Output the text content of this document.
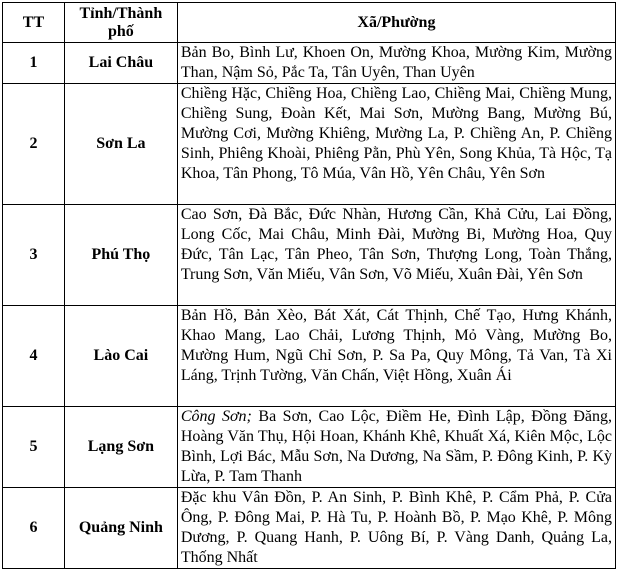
TT	Tỉnh/Thành phố	Xã/Phường
1	Lai Châu	Bản Bo, Bình Lư, Khoen On, Mường Khoa, Mường Kim, Mường Than, Nậm Sỏ, Pắc Ta, Tân Uyên, Than Uyên
2	Sơn La	Chiềng Hặc, Chiềng Hoa, Chiềng Lao, Chiềng Mai, Chiềng Mung, Chiềng Sung, Đoàn Kết, Mai Sơn, Mường Bang, Mường Bú, Mường Cơi, Mường Khiêng, Mường La, P. Chiềng An, P. Chiềng Sinh, Phiêng Khoài, Phiêng Pằn, Phù Yên, Song Khủa, Tà Hộc, Tạ Khoa, Tân Phong, Tô Múa, Vân Hồ, Yên Châu, Yên Sơn
3	Phú Thọ	Cao Sơn, Đà Bắc, Đức Nhàn, Hương Cần, Khả Cửu, Lai Đồng, Long Cốc, Mai Châu, Minh Đài, Mường Bi, Mường Hoa, Quy Đức, Tân Lạc, Tân Pheo, Tân Sơn, Thượng Long, Toàn Thắng, Trung Sơn, Văn Miếu, Vân Sơn, Võ Miếu, Xuân Đài, Yên Sơn
4	Lào Cai	Bản Hồ, Bản Xèo, Bát Xát, Cát Thịnh, Chế Tạo, Hưng Khánh, Khao Mang, Lao Chải, Lương Thịnh, Mỏ Vàng, Mường Bo, Mường Hum, Ngũ Chỉ Sơn, P. Sa Pa, Quy Mông, Tả Van, Tà Xi Láng, Trịnh Tường, Văn Chấn, Việt Hồng, Xuân Ái
5	Lạng Sơn	Công Sơn; Ba Sơn, Cao Lộc, Điềm He, Đình Lập, Đồng Đăng, Hoàng Văn Thụ, Hội Hoan, Khánh Khê, Khuất Xá, Kiên Mộc, Lộc Bình, Lợi Bác, Mẫu Sơn, Na Dương, Na Sầm, P. Đông Kinh, P. Kỳ Lừa, P. Tam Thanh
6	Quảng Ninh	Đặc khu Vân Đồn, P. An Sinh, P. Bình Khê, P. Cẩm Phả, P. Cửa Ông, P. Đông Mai, P. Hà Tu, P. Hoành Bồ, P. Mạo Khê, P. Mông Dương, P. Quang Hanh, P. Uông Bí, P. Vàng Danh, Quảng La, Thống Nhất
